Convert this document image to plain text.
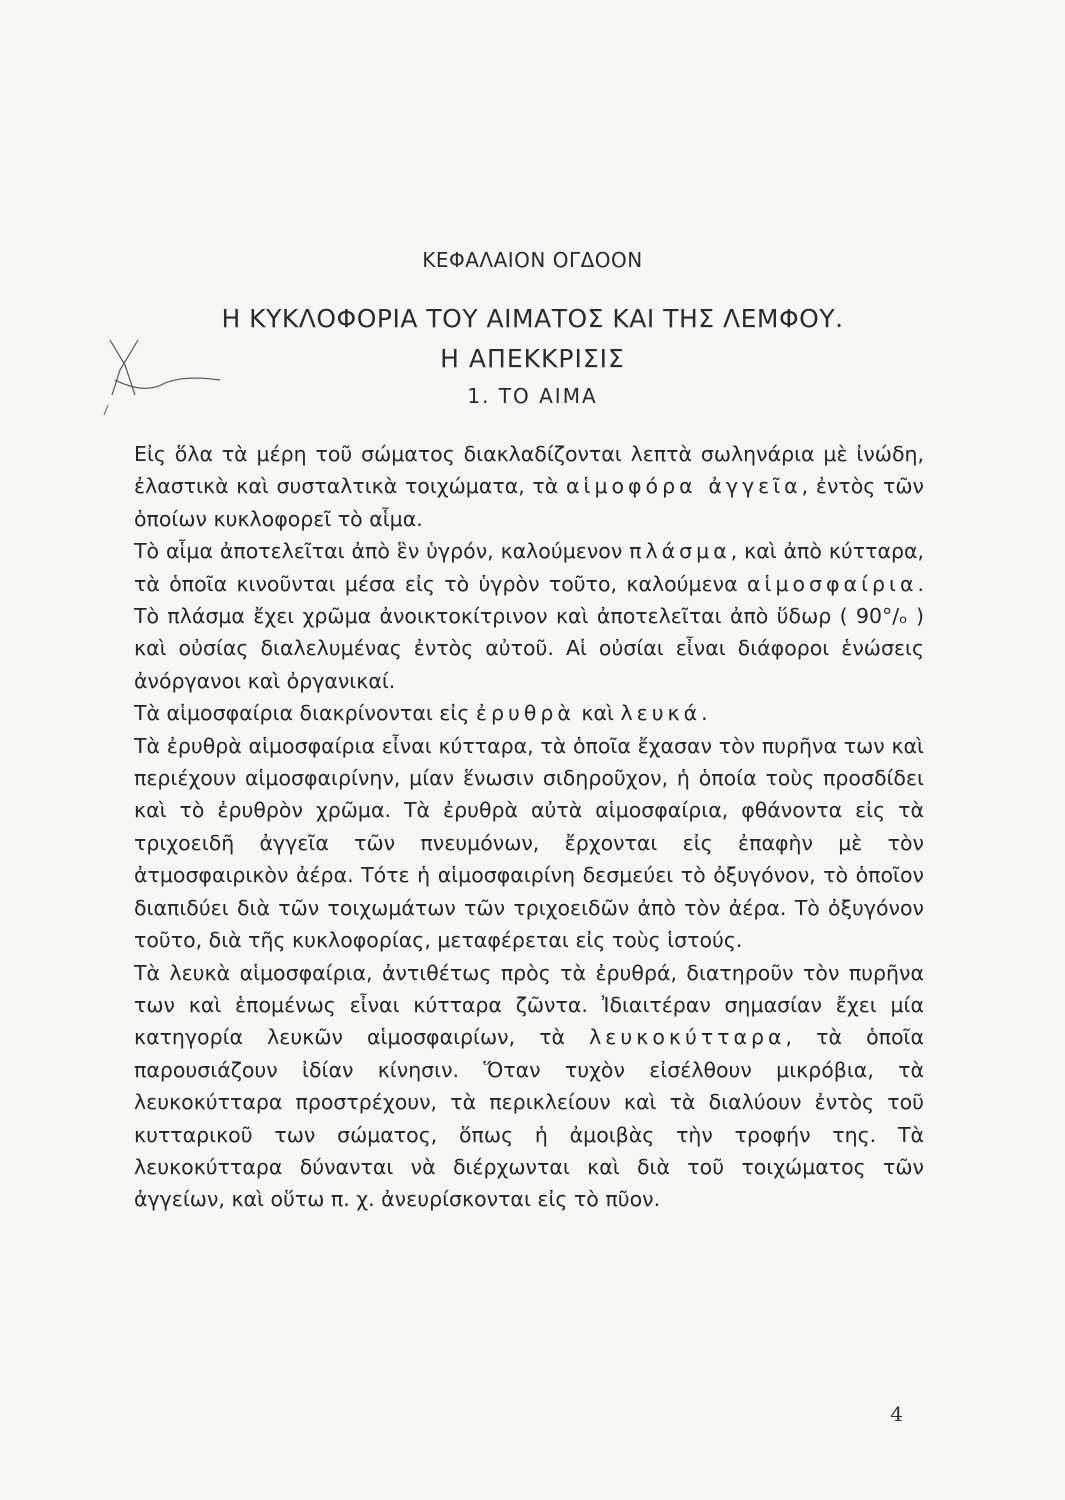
ΚΕΦΑΛΑΙΟΝ ΟΓΔΟΟΝ
Η ΚΥΚΛΟΦΟΡΙΑ ΤΟΥ ΑΙΜΑΤΟΣ ΚΑΙ ΤΗΣ ΛΕΜΦΟΥ.
Η ΑΠΕΚΚΡΙΣΙΣ
1. ΤΟ ΑΙΜΑ

Εἰς ὅλα τὰ μέρη τοῦ σώματος διακλαδίζονται λεπτὰ σωληνάρια μὲ ἰνώδη, ἐλαστικὰ καὶ συσταλτικὰ τοιχώματα, τὰ αἱμοφόρα ἀγγεῖα, ἐντὸς τῶν ὁποίων κυκλοφορεῖ τὸ αἷμα.

Τὸ αἷμα ἀποτελεῖται ἀπὸ ἓν ὑγρόν, καλούμενον πλάσμα, καὶ ἀπὸ κύτταρα, τὰ ὁποῖα κινοῦνται μέσα εἰς τὸ ὑγρὸν τοῦτο, καλούμενα αἱμοσφαίρια. Τὸ πλάσμα ἔχει χρῶμα ἀνοικτοκίτρινον καὶ ἀποτελεῖται ἀπὸ ὕδωρ ( 90°/ₒ ) καὶ οὐσίας διαλελυμένας ἐντὸς αὐτοῦ. Αἱ οὐσίαι εἶναι διάφοροι ἑνώσεις ἀνόργανοι καὶ ὀργανικαί.

Τὰ αἱμοσφαίρια διακρίνονται εἰς ἐρυθρὰ καὶ λευκά.

Τὰ ἐρυθρὰ αἱμοσφαίρια εἶναι κύτταρα, τὰ ὁποῖα ἔχασαν τὸν πυρῆνα των καὶ περιέχουν αἱμοσφαιρίνην, μίαν ἕνωσιν σιδηροῦχον, ἡ ὁποία τοὺς προσδίδει καὶ τὸ ἐρυθρὸν χρῶμα. Τὰ ἐρυθρὰ αὐτὰ αἱμοσφαίρια, φθάνοντα εἰς τὰ τριχοειδῆ ἀγγεῖα τῶν πνευμόνων, ἔρχονται εἰς ἐπαφὴν μὲ τὸν ἀτμοσφαιρικὸν ἀέρα. Τότε ἡ αἱμοσφαιρίνη δεσμεύει τὸ ὀξυγόνον, τὸ ὁποῖον διαπιδύει διὰ τῶν τοιχωμάτων τῶν τριχοειδῶν ἀπὸ τὸν ἀέρα. Τὸ ὀξυγόνον τοῦτο, διὰ τῆς κυκλοφορίας, μεταφέρεται εἰς τοὺς ἱστούς.

Τὰ λευκὰ αἱμοσφαίρια, ἀντιθέτως πρὸς τὰ ἐρυθρά, διατηροῦν τὸν πυρῆνα των καὶ ἑπομένως εἶναι κύτταρα ζῶντα. Ἰδιαιτέραν σημασίαν ἔχει μία κατηγορία λευκῶν αἱμοσφαιρίων, τὰ λευκοκύτταρα, τὰ ὁποῖα παρουσιάζουν ἰδίαν κίνησιν. Ὅταν τυχὸν εἰσέλθουν μικρόβια, τὰ λευκοκύτταρα προστρέχουν, τὰ περικλείουν καὶ τὰ διαλύουν ἐντὸς τοῦ κυτταρικοῦ των σώματος, ὅπως ἡ ἀμοιβὰς τὴν τροφήν της. Τὰ λευκοκύτταρα δύνανται νὰ διέρχωνται καὶ διὰ τοῦ τοιχώματος τῶν ἀγγείων, καὶ οὕτω π. χ. ἀνευρίσκονται εἰς τὸ πῦον.

4
